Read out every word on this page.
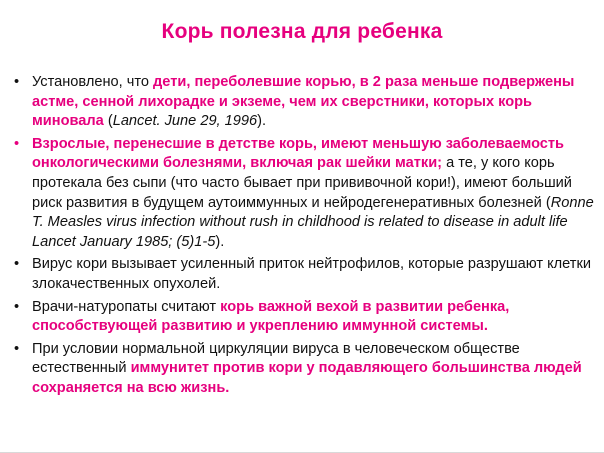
Корь полезна для ребенка
• Установлено, что дети, переболевшие корью, в 2 раза меньше подвержены астме, сенной лихорадке и экземе, чем их сверстники, которых корь миновала (Lancet. June 29, 1996).
• Взрослые, перенесшие в детстве корь, имеют меньшую заболеваемость онкологическими болезнями, включая рак шейки матки; а те, у кого корь протекала без сыпи (что часто бывает при прививочной кори!), имеют больший риск развития в будущем аутоиммунных и нейродегенеративных болезней (Ronne T. Measles virus infection without rush in childhood is related to disease in adult life Lancet January 1985; (5)1-5).
• Вирус кори вызывает усиленный приток нейтрофилов, которые разрушают клетки злокачественных опухолей.
• Врачи-натуропаты считают корь важной вехой в развитии ребенка, способствующей развитию и укреплению иммунной системы.
• При условии нормальной циркуляции вируса в человеческом обществе естественный иммунитет против кори у подавляющего большинства людей сохраняется на всю жизнь.
